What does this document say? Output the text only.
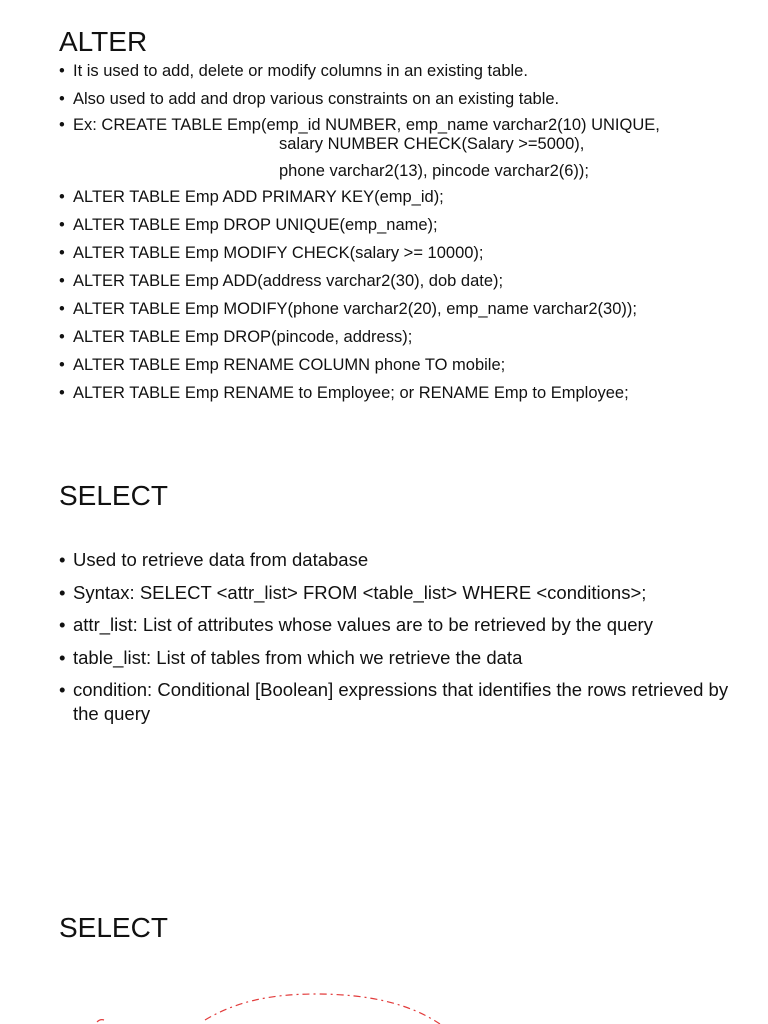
ALTER
• It is used to add, delete or modify columns in an existing table.
• Also used to add and drop various constraints on an existing table.
• Ex: CREATE TABLE Emp(emp_id NUMBER, emp_name varchar2(10) UNIQUE,
salary NUMBER CHECK(Salary >=5000),
phone varchar2(13), pincode varchar2(6));
• ALTER TABLE Emp ADD PRIMARY KEY(emp_id);
• ALTER TABLE Emp DROP UNIQUE(emp_name);
• ALTER TABLE Emp MODIFY CHECK(salary >= 10000);
• ALTER TABLE Emp ADD(address varchar2(30), dob date);
• ALTER TABLE Emp MODIFY(phone varchar2(20), emp_name varchar2(30));
• ALTER TABLE Emp DROP(pincode, address);
• ALTER TABLE Emp RENAME COLUMN phone TO mobile;
• ALTER TABLE Emp RENAME to Employee; or RENAME Emp to Employee;
SELECT
• Used to retrieve data from database
• Syntax: SELECT <attr_list> FROM <table_list> WHERE <conditions>;
• attr_list: List of attributes whose values are to be retrieved by the query
• table_list: List of tables from which we retrieve the data
• condition: Conditional [Boolean] expressions that identifies the rows retrieved by the query
SELECT
